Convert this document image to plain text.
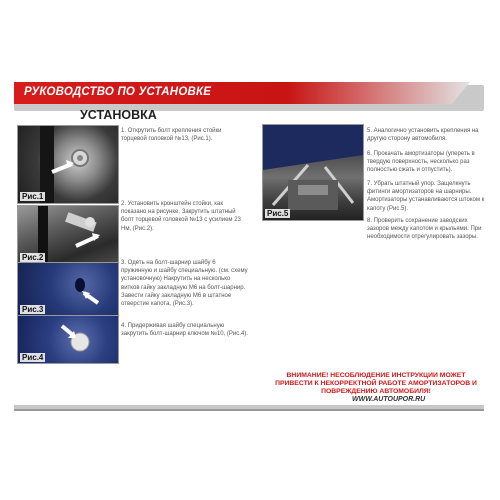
РУКОВОДСТВО ПО УСТАНОВКЕ
УСТАНОВКА
Рис.1
Рис.2
Рис.3
Рис.4
Рис.5
1. Открутить болт крепления стойки торцевой головкой №13, (Рис.1).
2. Установить кронштейн стойки, как показано на рисунке. Закрутить штатный болт торцевой головкой №13 с усилием 23 Нм, (Рис.2).
3. Одеть на болт-шарнир шайбу 6 пружинную и шайбу специальную. (см. схему установочную) Накрутить на несколько витков гайку закладную М6 на болт-шарнир. Завести гайку закладную М6 в штатное отверстие капота, (Рис.3).
4. Придерживая шайбу специальную закрутить болт-шарнир ключом №10, (Рис.4).
5. Аналогично установить крепления на другую сторону автомобиля.
6. Прокачать амортизаторы (упереть в твердую поверхность, несколько раз полностью сжать и отпустить).
7. Убрать штатный упор. Защелкнуть фитинги амортизаторов на шарниры. Амортизаторы устанавливаются штоком к капоту (Рис.5).
8. Проверить сохранение заводских зазоров между капотом и крыльями. При необходимости отрегулировать зазоры.
ВНИМАНИЕ! НЕСОБЛЮДЕНИЕ ИНСТРУКЦИИ МОЖЕТ ПРИВЕСТИ К НЕКОРРЕКТНОЙ РАБОТЕ АМОРТИЗАТОРОВ И ПОВРЕЖДЕНИЮ АВТОМОБИЛЯ!
WWW.AUTOUPOR.RU
